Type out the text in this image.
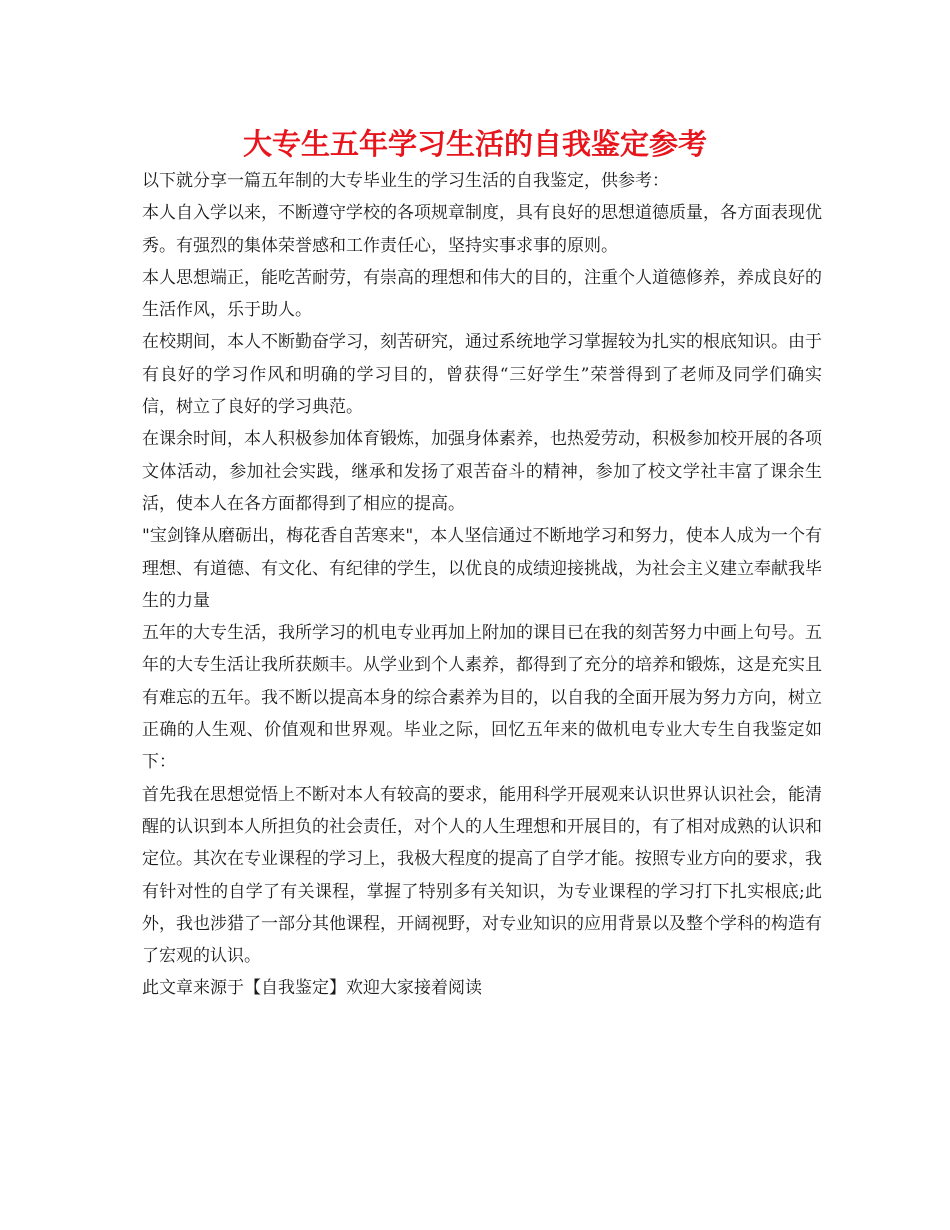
大专生五年学习生活的自我鉴定参考

以下就分享一篇五年制的大专毕业生的学习生活的自我鉴定，供参考：

本人自入学以来，不断遵守学校的各项规章制度，具有良好的思想道德质量，各方面表现优秀。有强烈的集体荣誉感和工作责任心，坚持实事求事的原则。

本人思想端正，能吃苦耐劳，有崇高的理想和伟大的目的，注重个人道德修养，养成良好的生活作风，乐于助人。

在校期间，本人不断勤奋学习，刻苦研究，通过系统地学习掌握较为扎实的根底知识。由于有良好的学习作风和明确的学习目的，曾获得“三好学生”荣誉得到了老师及同学们确实信，树立了良好的学习典范。

在课余时间，本人积极参加体育锻炼，加强身体素养，也热爱劳动，积极参加校开展的各项文体活动，参加社会实践，继承和发扬了艰苦奋斗的精神，参加了校文学社丰富了课余生活，使本人在各方面都得到了相应的提高。

"宝剑锋从磨砺出，梅花香自苦寒来"，本人坚信通过不断地学习和努力，使本人成为一个有理想、有道德、有文化、有纪律的学生，以优良的成绩迎接挑战，为社会主义建立奉献我毕生的力量

五年的大专生活，我所学习的机电专业再加上附加的课目已在我的刻苦努力中画上句号。五年的大专生活让我所获颇丰。从学业到个人素养，都得到了充分的培养和锻炼，这是充实且有难忘的五年。我不断以提高本身的综合素养为目的，以自我的全面开展为努力方向，树立正确的人生观、价值观和世界观。毕业之际，回忆五年来的做机电专业大专生自我鉴定如下：

首先我在思想觉悟上不断对本人有较高的要求，能用科学开展观来认识世界认识社会，能清醒的认识到本人所担负的社会责任，对个人的人生理想和开展目的，有了相对成熟的认识和定位。其次在专业课程的学习上，我极大程度的提高了自学才能。按照专业方向的要求，我有针对性的自学了有关课程，掌握了特别多有关知识，为专业课程的学习打下扎实根底;此外，我也涉猎了一部分其他课程，开阔视野，对专业知识的应用背景以及整个学科的构造有了宏观的认识。

此文章来源于【自我鉴定】欢迎大家接着阅读
